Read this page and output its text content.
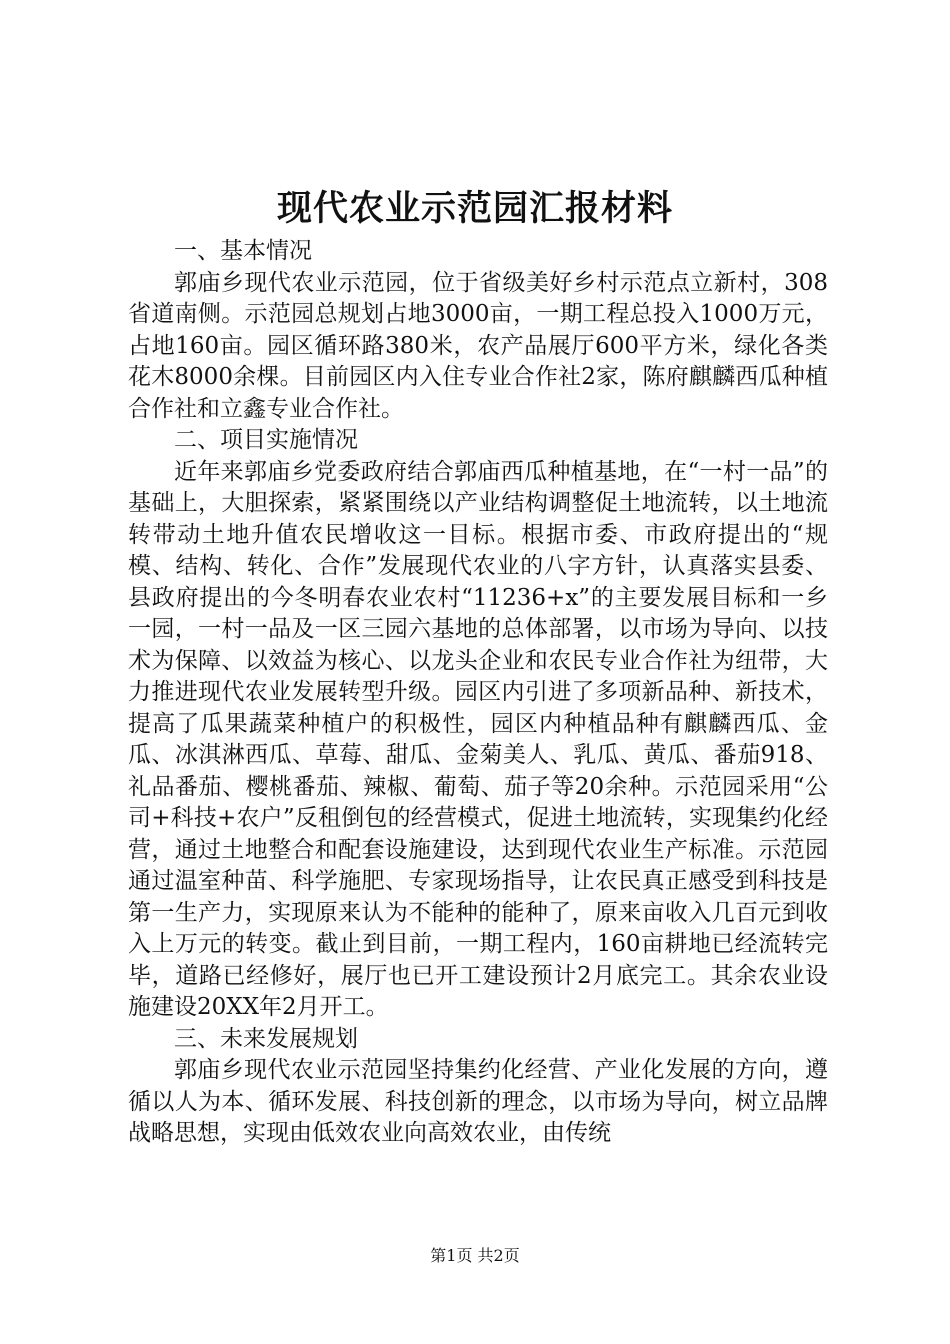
现代农业示范园汇报材料

一、基本情况

郭庙乡现代农业示范园，位于省级美好乡村示范点立新村，308省道南侧。示范园总规划占地3000亩，一期工程总投入1000万元，占地160亩。园区循环路380米，农产品展厅600平方米，绿化各类花木8000余棵。目前园区内入住专业合作社2家，陈府麒麟西瓜种植合作社和立鑫专业合作社。

二、项目实施情况

近年来郭庙乡党委政府结合郭庙西瓜种植基地，在“一村一品”的基础上，大胆探索，紧紧围绕以产业结构调整促土地流转，以土地流转带动土地升值农民增收这一目标。根据市委、市政府提出的“规模、结构、转化、合作”发展现代农业的八字方针，认真落实县委、县政府提出的今冬明春农业农村“11236+x”的主要发展目标和一乡一园，一村一品及一区三园六基地的总体部署，以市场为导向、以技术为保障、以效益为核心、以龙头企业和农民专业合作社为纽带，大力推进现代农业发展转型升级。园区内引进了多项新品种、新技术，提高了瓜果蔬菜种植户的积极性，园区内种植品种有麒麟西瓜、金瓜、冰淇淋西瓜、草莓、甜瓜、金菊美人、乳瓜、黄瓜、番茄918、礼品番茄、樱桃番茄、辣椒、葡萄、茄子等20余种。示范园采用“公司+科技+农户”反租倒包的经营模式，促进土地流转，实现集约化经营，通过土地整合和配套设施建设，达到现代农业生产标准。示范园通过温室种苗、科学施肥、专家现场指导，让农民真正感受到科技是第一生产力，实现原来认为不能种的能种了，原来亩收入几百元到收入上万元的转变。截止到目前，一期工程内，160亩耕地已经流转完毕，道路已经修好，展厅也已开工建设预计2月底完工。其余农业设施建设20XX年2月开工。

三、未来发展规划

郭庙乡现代农业示范园坚持集约化经营、产业化发展的方向，遵循以人为本、循环发展、科技创新的理念，以市场为导向，树立品牌战略思想，实现由低效农业向高效农业，由传统

第1页 共2页
